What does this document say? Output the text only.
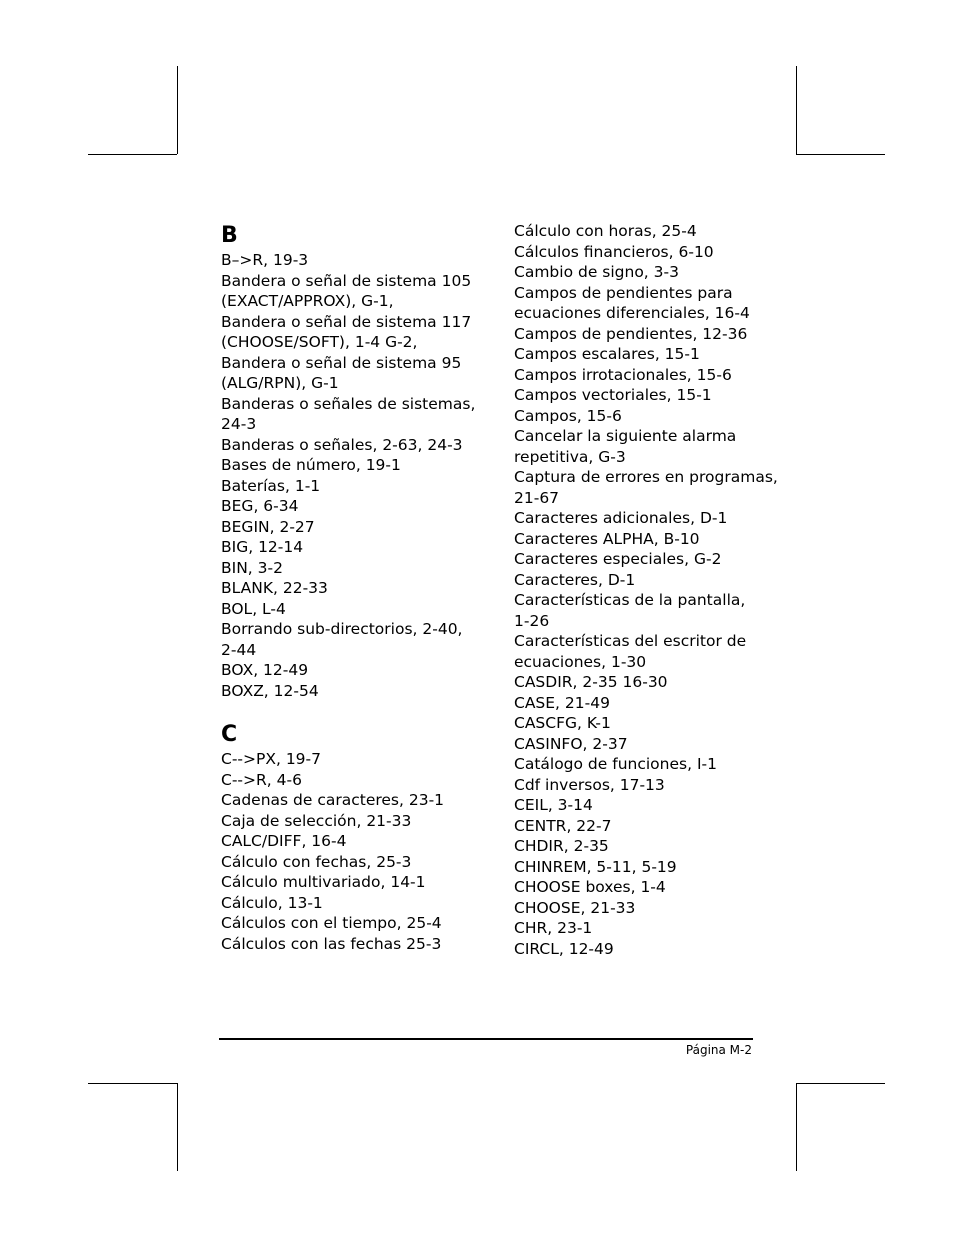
B
B–>R, 19-3
Bandera o señal de sistema 105
(EXACT/APPROX), G-1,
Bandera o señal de sistema 117
(CHOOSE/SOFT), 1-4 G-2,
Bandera o señal de sistema 95
(ALG/RPN), G-1
Banderas o señales de sistemas,
24-3
Banderas o señales, 2-63, 24-3
Bases de número, 19-1
Baterías, 1-1
BEG, 6-34
BEGIN, 2-27
BIG, 12-14
BIN, 3-2
BLANK, 22-33
BOL, L-4
Borrando sub-directorios, 2-40,
2-44
BOX, 12-49
BOXZ, 12-54
C
C-->PX, 19-7
C-->R, 4-6
Cadenas de caracteres, 23-1
Caja de selección, 21-33
CALC/DIFF, 16-4
Cálculo con fechas, 25-3
Cálculo multivariado, 14-1
Cálculo, 13-1
Cálculos con el tiempo, 25-4
Cálculos con las fechas 25-3
Cálculo con horas, 25-4
Cálculos financieros, 6-10
Cambio de signo, 3-3
Campos de pendientes para
ecuaciones diferenciales, 16-4
Campos de pendientes, 12-36
Campos escalares, 15-1
Campos irrotacionales, 15-6
Campos vectoriales, 15-1
Campos, 15-6
Cancelar la siguiente alarma
repetitiva, G-3
Captura de errores en programas,
21-67
Caracteres adicionales, D-1
Caracteres ALPHA, B-10
Caracteres especiales, G-2
Caracteres, D-1
Características de la pantalla,
1-26
Características del escritor de
ecuaciones, 1-30
CASDIR, 2-35 16-30
CASE, 21-49
CASCFG, K-1
CASINFO, 2-37
Catálogo de funciones, I-1
Cdf inversos, 17-13
CEIL, 3-14
CENTR, 22-7
CHDIR, 2-35
CHINREM, 5-11, 5-19
CHOOSE boxes, 1-4
CHOOSE, 21-33
CHR, 23-1
CIRCL, 12-49
Página M-2
